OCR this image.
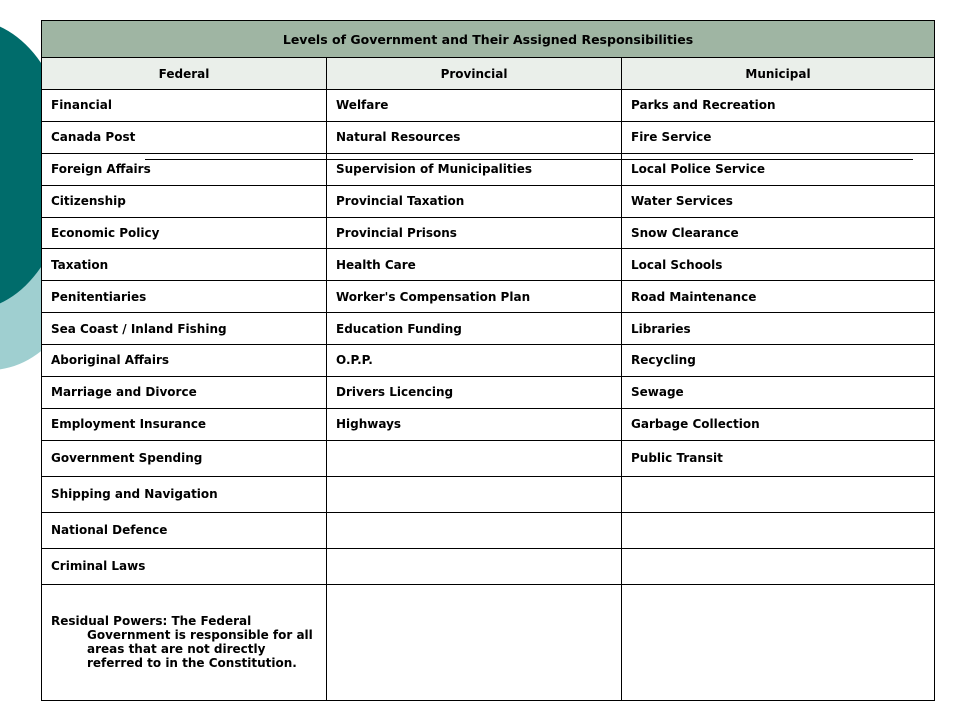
Levels of Government and Their Assigned Responsibilities		
Federal	Provincial	Municipal
Financial	Welfare	Parks and Recreation
Canada Post	Natural Resources	Fire Service
Foreign Affairs	Supervision of Municipalities	Local Police Service
Citizenship	Provincial Taxation	Water Services
Economic Policy	Provincial Prisons	Snow Clearance
Taxation	Health Care	Local Schools
Penitentiaries	Worker's Compensation Plan	Road Maintenance
Sea Coast / Inland Fishing	Education Funding	Libraries
Aboriginal Affairs	O.P.P.	Recycling
Marriage and Divorce	Drivers Licencing	Sewage
Employment Insurance	Highways	Garbage Collection
Government Spending		Public Transit
Shipping and Navigation		
National Defence		
Criminal Laws		

Residual Powers: The Federal Government is responsible for all areas that are not directly referred to in the Constitution.		
